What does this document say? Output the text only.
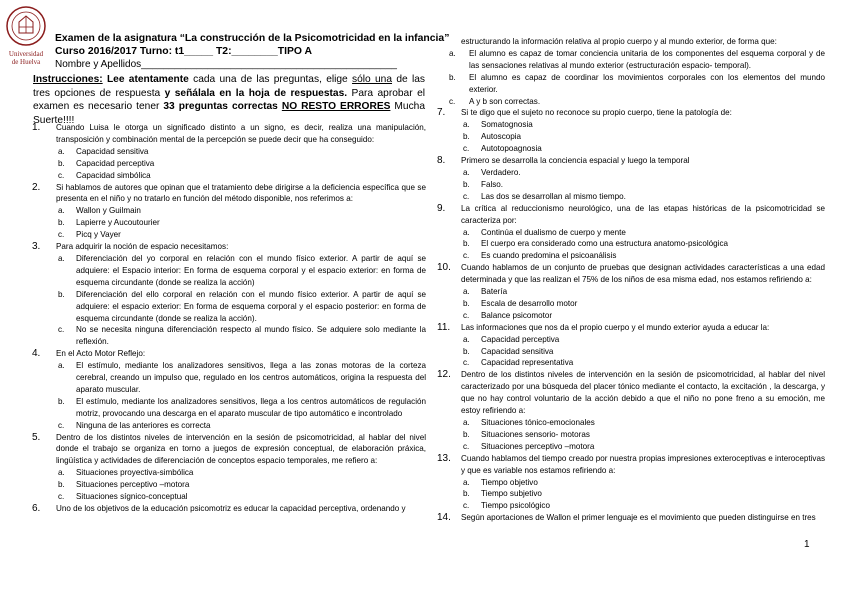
Universidad
de Huelva
Examen de la asignatura “La construcción de la Psicomotricidad en la infancia”
Curso 2016/2017 Turno: t1_____ T2:________TIPO A
Nombre y Apellidos______________________________________________
Instrucciones: Lee atentamente cada una de las preguntas, elige sólo una de las tres opciones de respuesta y señálala en la hoja de respuestas. Para aprobar el examen es necesario tener 33 preguntas correctas NO RESTO ERRORES Mucha Suerte!!!!
1. Cuando Luisa le otorga un significado distinto a un signo, es decir, realiza una manipulación, transposición y combinación mental de la percepción se puede decir que ha conseguido:
a. Capacidad sensitiva
b. Capacidad perceptiva
c. Capacidad simbólica
2. Si hablamos de autores que opinan que el tratamiento debe dirigirse a la deficiencia específica que se presenta en el niño y no tratarlo en función del método disponible, nos referimos a:
a. Wallon y Guilmain
b. Lapierre y Aucoutourier
c. Picq y Vayer
3. Para adquirir la noción de espacio necesitamos:
a. Diferenciación del yo corporal en relación con el mundo físico exterior. A partir de aquí se adquiere: el Espacio interior: En forma de esquema corporal y el espacio exterior: en forma de esquema circundante (donde se realiza la acción)
b. Diferenciación del ello corporal en relación con el mundo físico exterior. A partir de aquí se adquiere: el espacio exterior: En forma de esquema corporal y el espacio posterior: en forma de esquema circundante (donde se realiza la acción).
c. No se necesita ninguna diferenciación respecto al mundo físico. Se adquiere solo mediante la reflexión.
4. En el Acto Motor Reflejo:
a. El estímulo, mediante los analizadores sensitivos, llega a las zonas motoras de la corteza cerebral, creando un impulso que, regulado en los centros automáticos, origina la respuesta del aparato muscular.
b. El estímulo, mediante los analizadores sensitivos, llega a los centros automáticos de regulación motriz, provocando una descarga en el aparato muscular de tipo automático e incontrolado
c. Ninguna de las anteriores es correcta
5. Dentro de los distintos niveles de intervención en la sesión de psicomotricidad, al hablar del nivel donde el trabajo se organiza en torno a juegos de expresión conceptual, de elaboración práxica, lingüística y actividades de diferenciación de conceptos espacio temporales, me refiero a:
a. Situaciones proyectiva-simbólica
b. Situaciones perceptivo –motora
c. Situaciones sígnico-conceptual
6. Uno de los objetivos de la educación psicomotriz es educar la capacidad perceptiva, ordenando y
estructurando la información relativa al propio cuerpo y al mundo exterior, de forma que:
a. El alumno es capaz de tomar conciencia unitaria de los componentes del esquema corporal y de las sensaciones relativas al mundo exterior (estructuración espacio- temporal).
b. El alumno es capaz de coordinar los movimientos corporales con los elementos del mundo exterior.
c. A y b son correctas.
7. Si te digo que el sujeto no reconoce su propio cuerpo, tiene la patología de:
a. Somatognosia
b. Autoscopia
c. Autotopoagnosia
8. Primero se desarrolla la conciencia espacial y luego la temporal
a. Verdadero.
b. Falso.
c. Las dos se desarrollan al mismo tiempo.
9. La crítica al reduccionismo neurológico, una de las etapas históricas de la psicomotricidad se caracteriza por:
a. Continúa el dualismo de cuerpo y mente
b. El cuerpo era considerado como una estructura anatomo-psicológica
c. Es cuando predomina el psicoanálisis
10. Cuando hablamos de un conjunto de pruebas que designan actividades características a una edad determinada y que las realizan el 75% de los niños de esa misma edad, nos estamos refiriendo a:
a. Batería
b. Escala de desarrollo motor
c. Balance psicomotor
11. Las informaciones que nos da el propio cuerpo y el mundo exterior ayuda a educar la:
a. Capacidad perceptiva
b. Capacidad sensitiva
c. Capacidad representativa
12. Dentro de los distintos niveles de intervención en la sesión de psicomotricidad, al hablar del nivel caracterizado por una búsqueda del placer tónico mediante el contacto, la excitación , la descarga, y que no hay control voluntario de la acción debido a que el niño no pone freno a su emoción, me estoy refiriendo a:
a. Situaciones tónico-emocionales
b. Situaciones sensorio- motoras
c. Situaciones perceptivo –motora
13. Cuando hablamos del tiempo creado por nuestra propias impresiones exteroceptivas e interoceptivas y que es variable nos estamos refiriendo a:
a. Tiempo objetivo
b. Tiempo subjetivo
c. Tiempo psicológico
14. Según aportaciones de Wallon el primer lenguaje es el movimiento que pueden distinguirse en tres
1
